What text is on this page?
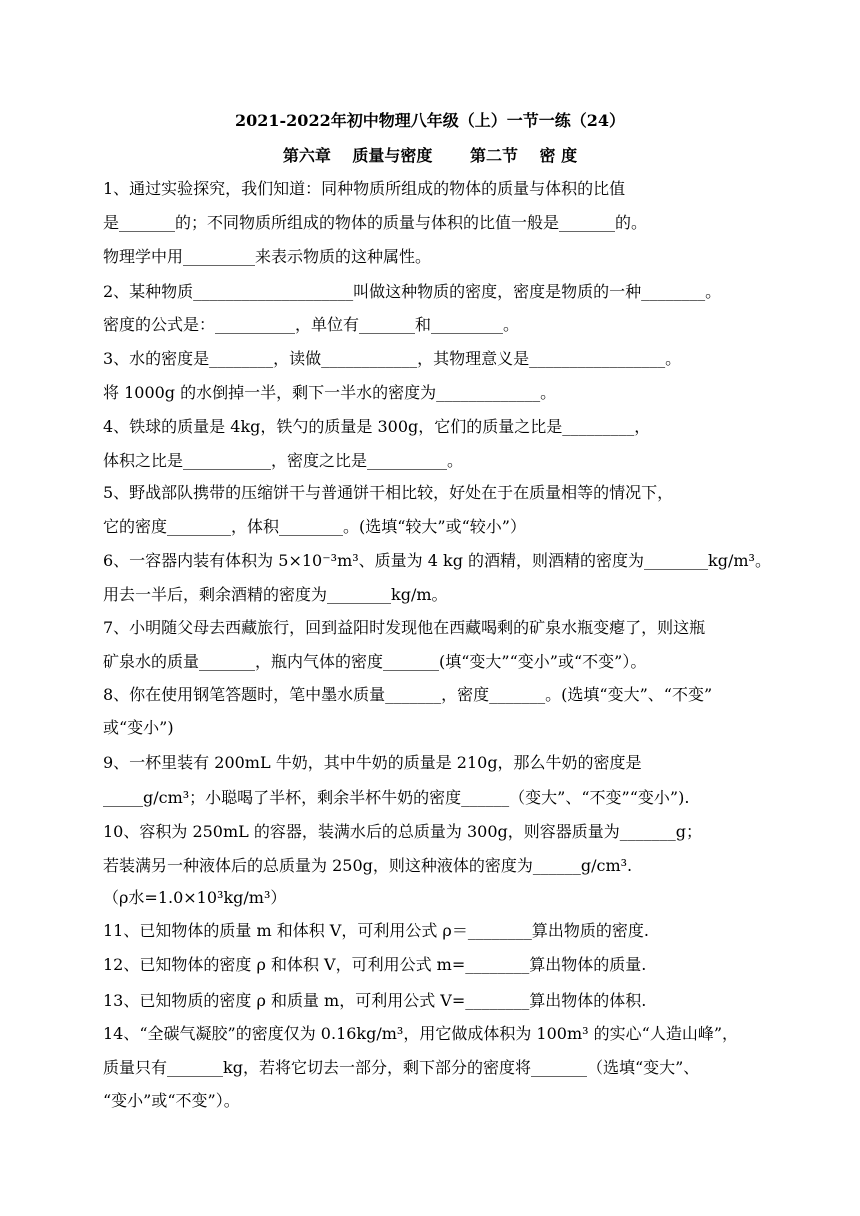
2021-2022年初中物理八年级（上）一节一练（24）
第六章　 质量与密度　　 第二节　 密 度
1、通过实验探究，我们知道：同种物质所组成的物体的质量与体积的比值
是_______的；不同物质所组成的物体的质量与体积的比值一般是_______的。
物理学中用_________来表示物质的这种属性。
2、某种物质____________________叫做这种物质的密度，密度是物质的一种________。
密度的公式是：__________，单位有_______和_________。
3、水的密度是________，读做____________，其物理意义是_________________。
将 1000g 的水倒掉一半，剩下一半水的密度为_____________。
4、铁球的质量是 4kg，铁勺的质量是 300g，它们的质量之比是_________，
体积之比是___________，密度之比是__________。
5、野战部队携带的压缩饼干与普通饼干相比较，好处在于在质量相等的情况下，
它的密度________，体积________。(选填“较大”或“较小”）
6、一容器内装有体积为 5×10⁻³m³、质量为 4 kg 的酒精，则酒精的密度为________kg/m³。
用去一半后，剩余酒精的密度为________kg/m。
7、小明随父母去西藏旅行，回到益阳时发现他在西藏喝剩的矿泉水瓶变瘪了，则这瓶
矿泉水的质量_______，瓶内气体的密度_______(填“变大”“变小”或“不变”）。
8、你在使用钢笔答题时，笔中墨水质量_______，密度_______。(选填“变大”、“不变”
或“变小”)
9、一杯里装有 200mL 牛奶，其中牛奶的质量是 210g，那么牛奶的密度是
_____g/cm³；小聪喝了半杯，剩余半杯牛奶的密度______（变大”、“不变”“变小”).
10、容积为 250mL 的容器，装满水后的总质量为 300g，则容器质量为_______g；
若装满另一种液体后的总质量为 250g，则这种液体的密度为______g/cm³.
（ρ水=1.0×10³kg/m³）
11、已知物体的质量 m 和体积 V，可利用公式 ρ＝________算出物质的密度.
12、已知物体的密度 ρ 和体积 V，可利用公式 m=________算出物体的质量.
13、已知物质的密度 ρ 和质量 m，可利用公式 V=________算出物体的体积.
14、“全碳气凝胶”的密度仅为 0.16kg/m³，用它做成体积为 100m³ 的实心“人造山峰”，
质量只有_______kg，若将它切去一部分，剩下部分的密度将_______（选填“变大”、
“变小”或“不变”）。
